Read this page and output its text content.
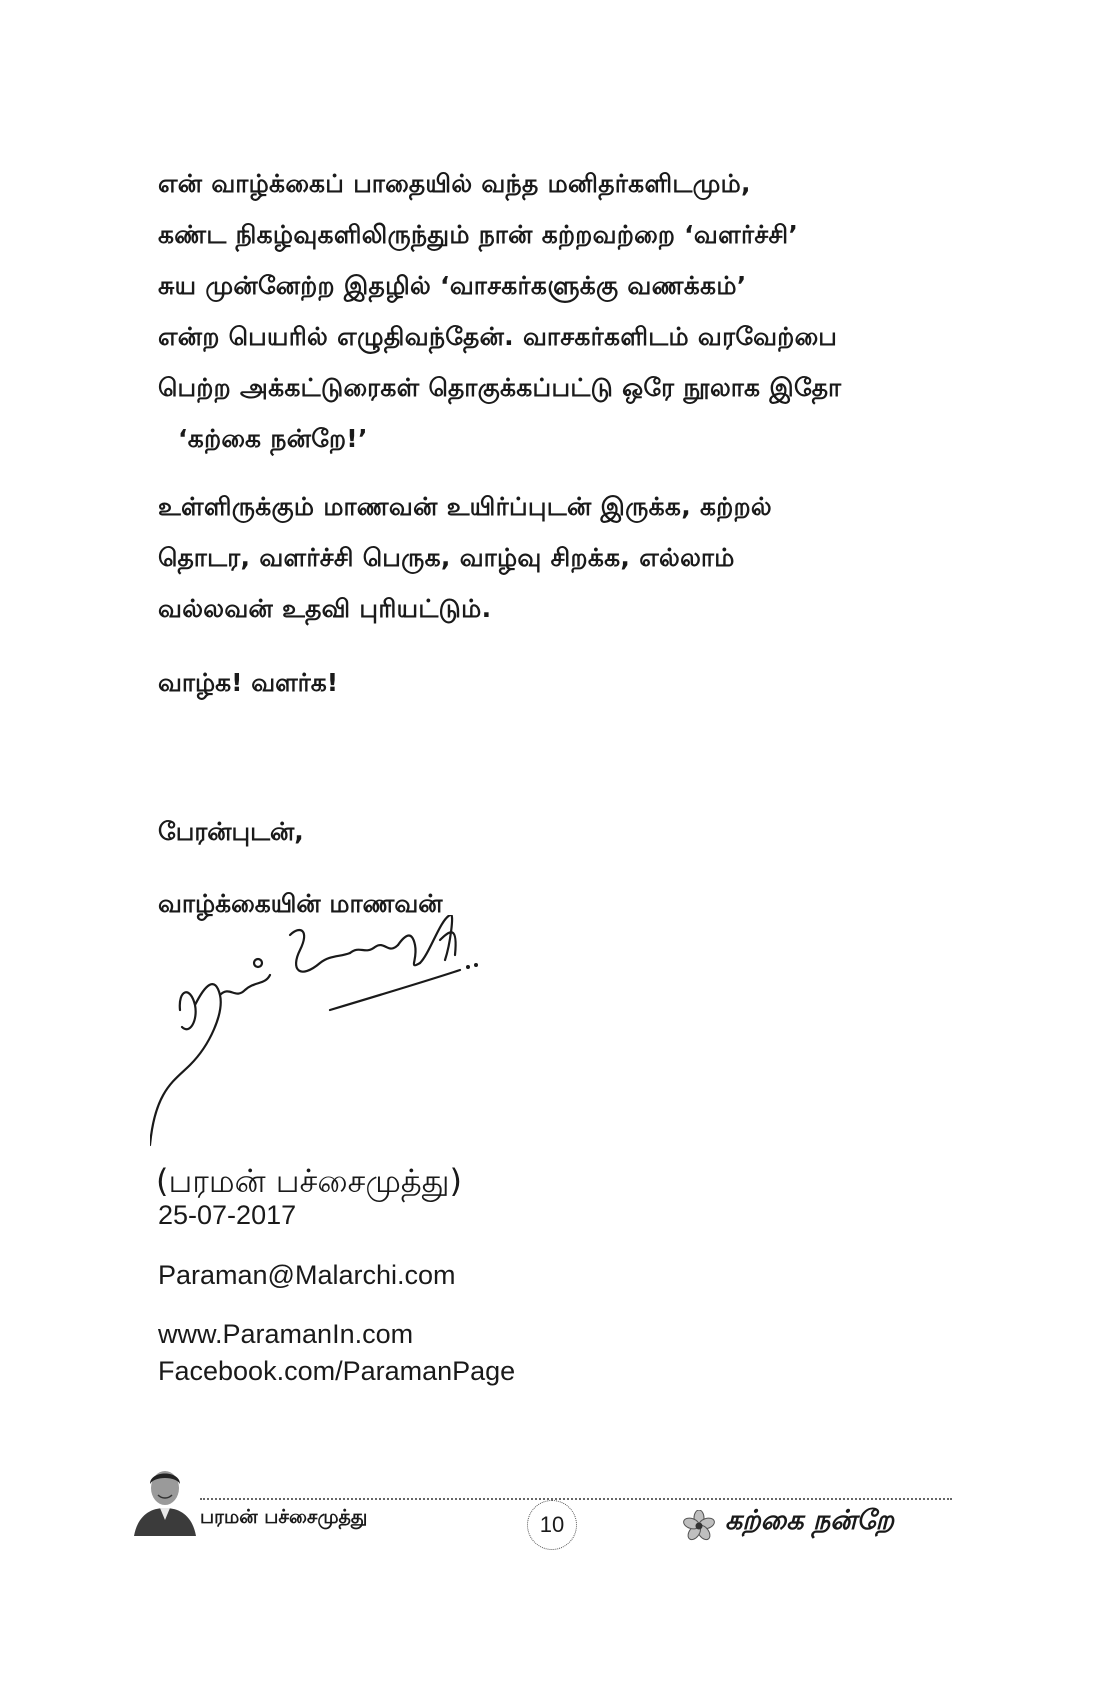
என் வாழ்க்கைப் பாதையில் வந்த மனிதர்களிடமும்,
கண்ட நிகழ்வுகளிலிருந்தும் நான் கற்றவற்றை ‘வளர்ச்சி’
சுய முன்னேற்ற இதழில் ‘வாசகர்களுக்கு வணக்கம்’
என்ற பெயரில் எழுதிவந்தேன். வாசகர்களிடம் வரவேற்பை
பெற்ற அக்கட்டுரைகள் தொகுக்கப்பட்டு ஒரே நூலாக இதோ
‘கற்கை நன்றே!’
உள்ளிருக்கும் மாணவன் உயிர்ப்புடன் இருக்க, கற்றல்
தொடர, வளர்ச்சி பெருக, வாழ்வு சிறக்க, எல்லாம்
வல்லவன் உதவி புரியட்டும்.
வாழ்க! வளர்க!
பேரன்புடன்,
வாழ்க்கையின் மாணவன்
(பரமன் பச்சைமுத்து)
25-07-2017
Paraman@Malarchi.com
www.ParamanIn.com
Facebook.com/ParamanPage
பரமன் பச்சைமுத்து	10	கற்கை நன்றே
